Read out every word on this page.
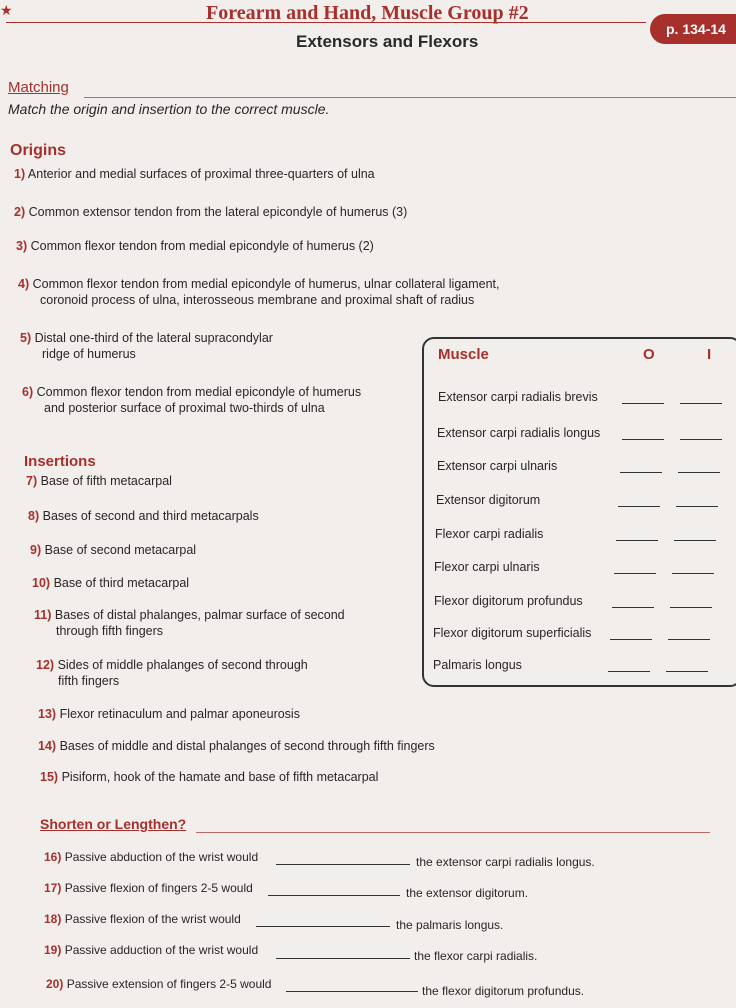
★	Forearm and Hand, Muscle Group #2
Extensors and Flexors
p. 134-14
Matching
Match the origin and insertion to the correct muscle.
Origins
1) Anterior and medial surfaces of proximal three-quarters of ulna
2) Common extensor tendon from the lateral epicondyle of humerus (3)
3) Common flexor tendon from medial epicondyle of humerus (2)
4) Common flexor tendon from medial epicondyle of humerus, ulnar collateral ligament,
coronoid process of ulna, interosseous membrane and proximal shaft of radius
5) Distal one-third of the lateral supracondylar
ridge of humerus
6) Common flexor tendon from medial epicondyle of humerus
and posterior surface of proximal two-thirds of ulna
Insertions
7) Base of fifth metacarpal
8) Bases of second and third metacarpals
9) Base of second metacarpal
10) Base of third metacarpal
11) Bases of distal phalanges, palmar surface of second
through fifth fingers
12) Sides of middle phalanges of second through
fifth fingers
13) Flexor retinaculum and palmar aponeurosis
14) Bases of middle and distal phalanges of second through fifth fingers
15) Pisiform, hook of the hamate and base of fifth metacarpal
Muscle	O	I
Extensor carpi radialis brevis
Extensor carpi radialis longus
Extensor carpi ulnaris
Extensor digitorum
Flexor carpi radialis
Flexor carpi ulnaris
Flexor digitorum profundus
Flexor digitorum superficialis
Palmaris longus
Shorten or Lengthen?
16) Passive abduction of the wrist would	the extensor carpi radialis longus.
17) Passive flexion of fingers 2-5 would	the extensor digitorum.
18) Passive flexion of the wrist would	the palmaris longus.
19) Passive adduction of the wrist would	the flexor carpi radialis.
20) Passive extension of fingers 2-5 would	the flexor digitorum profundus.
